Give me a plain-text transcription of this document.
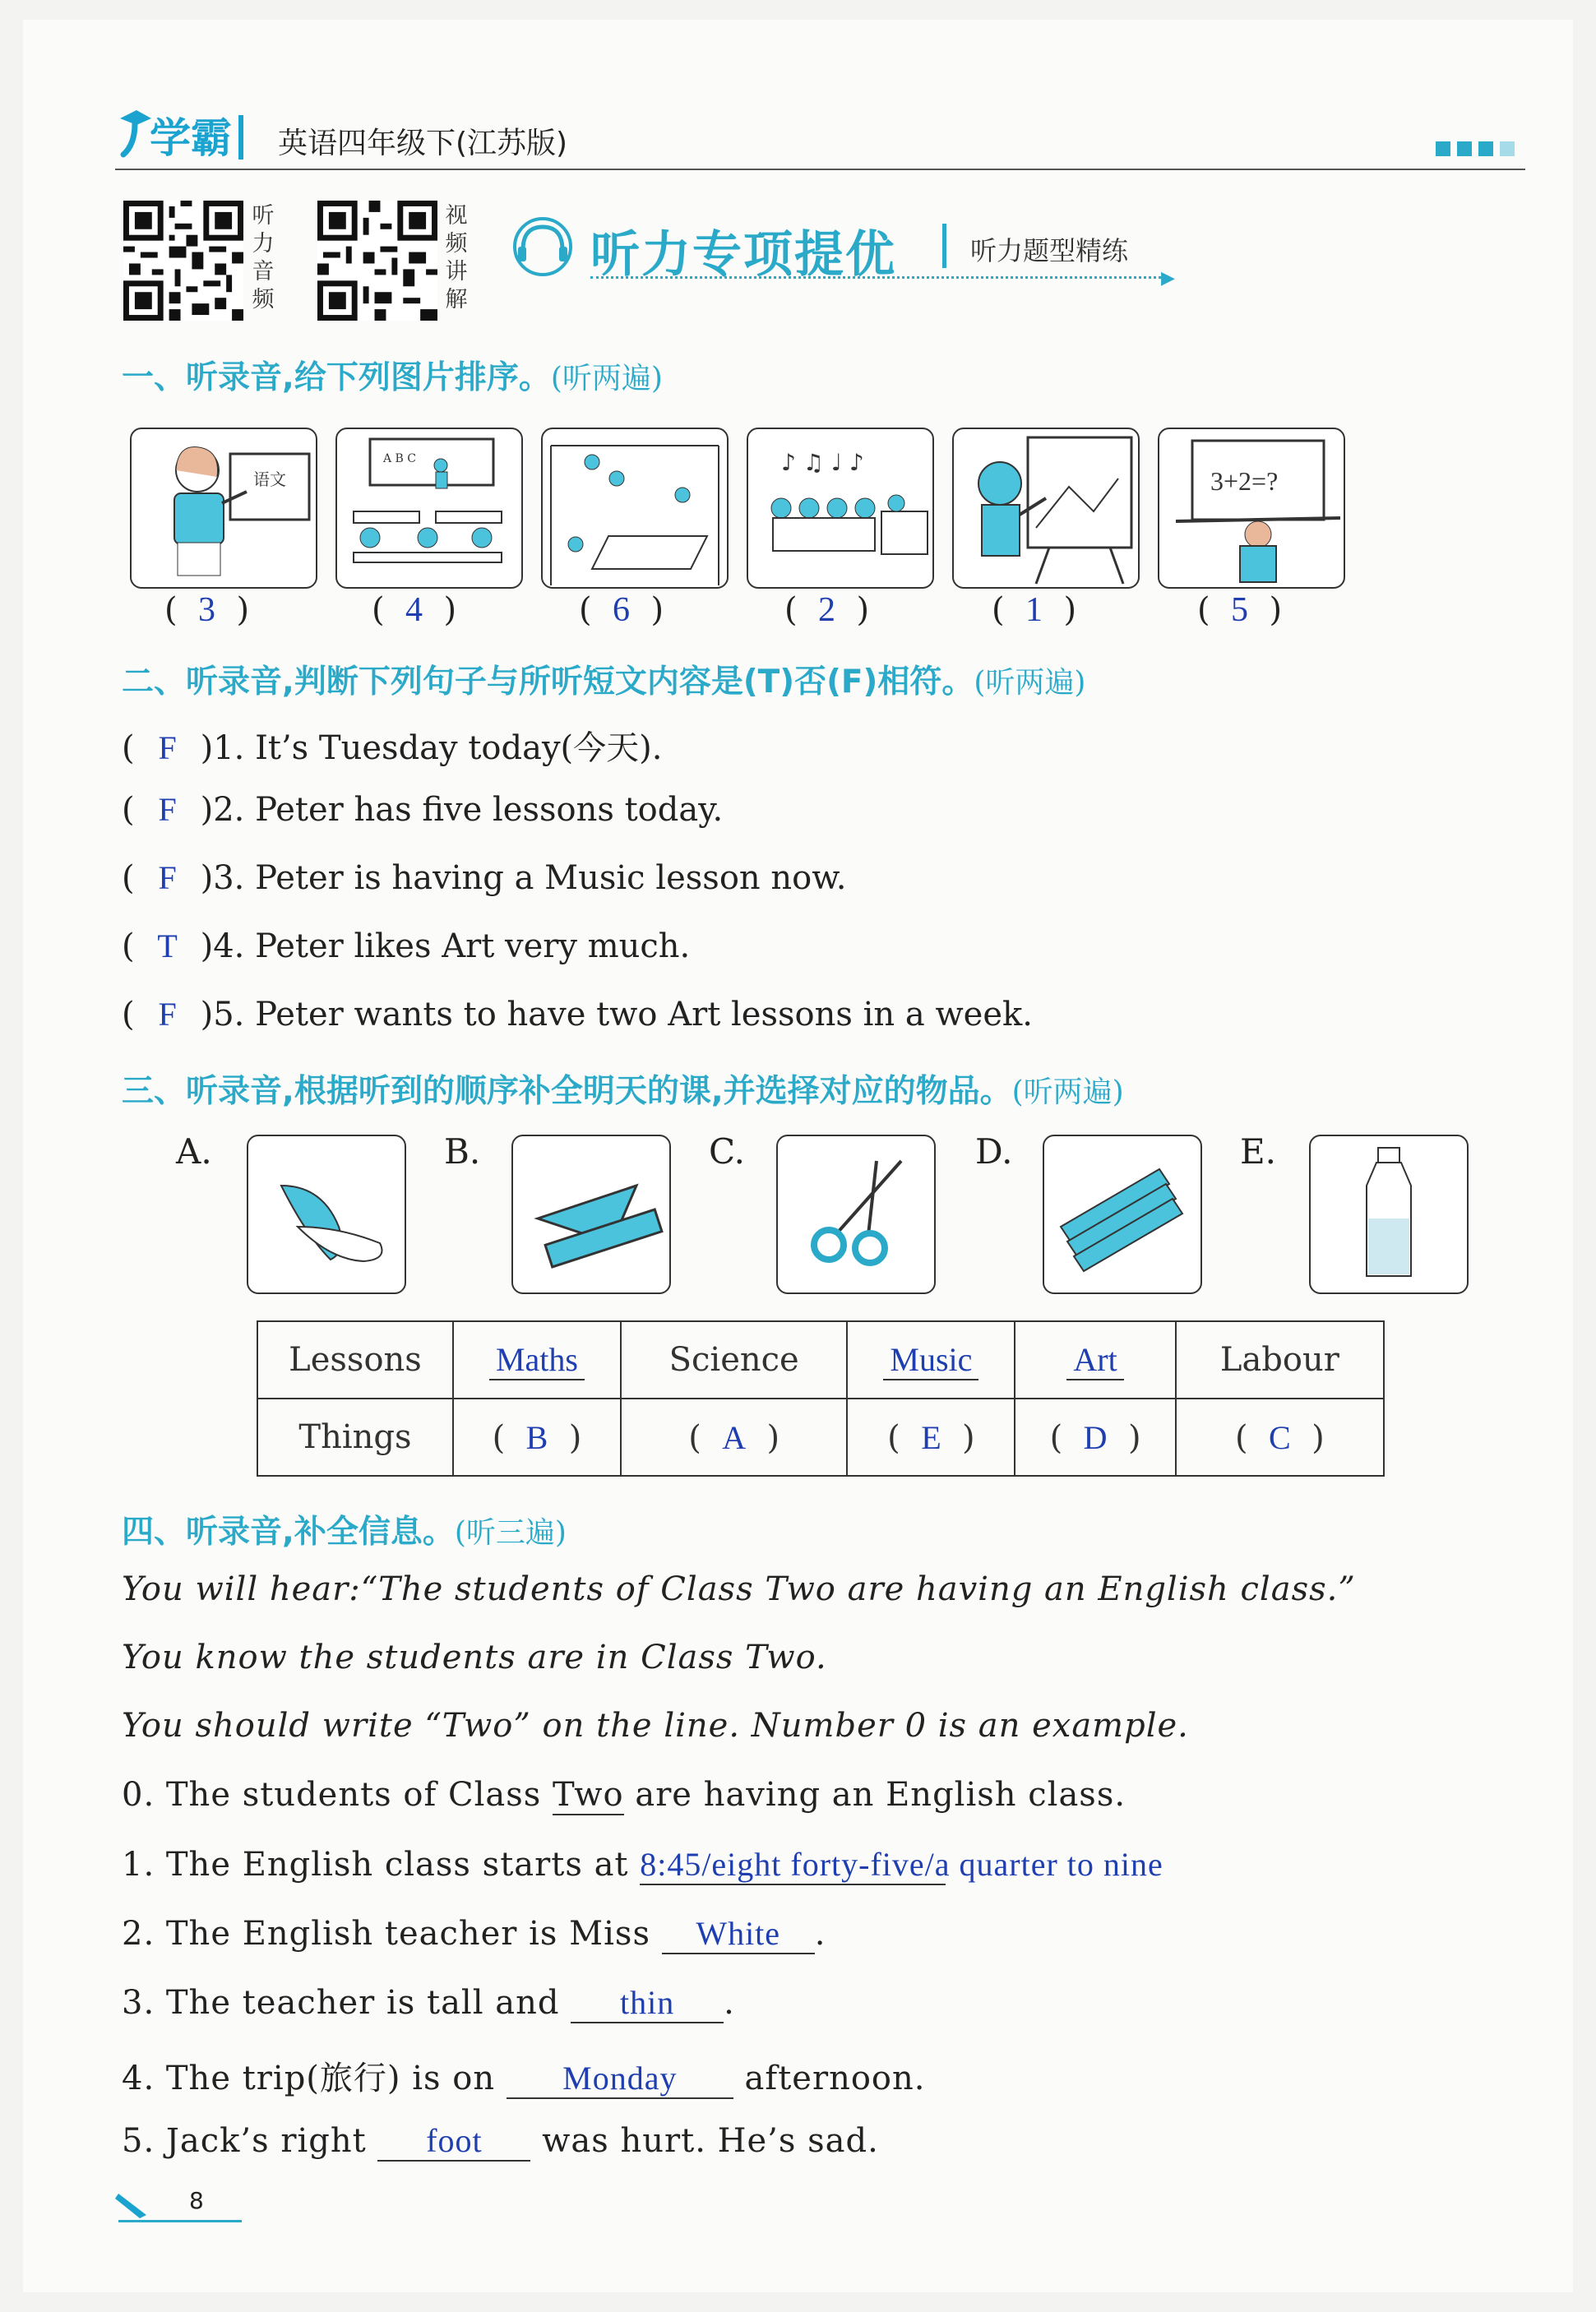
学霸 英语四年级下(江苏版)
听力音频
视频讲解
听力专项提优	听力题型精练
▶
一、听录音,给下列图片排序。(听两遍)
语文
A B C	♪ ♫ ♩ ♪
3+2=?
(  3  )	(  4  )	(  6  )	(  2  )	(  1  )	(  5  )
二、听录音,判断下列句子与所听短文内容是(T)否(F)相符。(听两遍)
( F )1. It’s Tuesday today(今天).
( F )2. Peter has five lessons today.
( F )3. Peter is having a Music lesson now.
( T )4. Peter likes Art very much.
( F )5. Peter wants to have two Art lessons in a week.
三、听录音,根据听到的顺序补全明天的课,并选择对应的物品。(听两遍)
A.	B.	C.	D.	E.
Lessons	Maths	Science	Music	Art	Labour
Things	(  B  )	(  A  )	(  E  )	(  D  )	(  C  )
四、听录音,补全信息。(听三遍)
You will hear:“The students of Class Two are having an English class.”
You know the students are in Class Two.
You should write “Two” on the line. Number 0 is an example.
0. The students of Class Two are having an English class.
1. The English class starts at 8:45/eight forty-five/a quarter to nine
2. The English teacher is Miss White .
3. The teacher is tall and thin .
4. The trip(旅行) is on Monday afternoon.
5. Jack’s right foot was hurt. He’s sad.
8
